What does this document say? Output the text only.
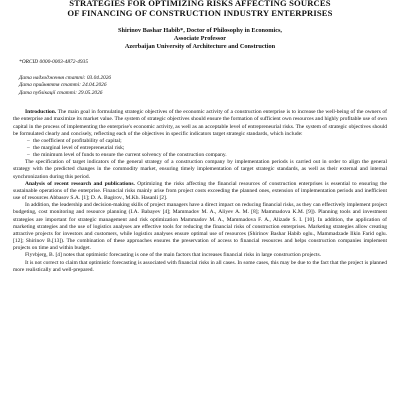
STRATEGIES FOR OPTIMIZING RISKS AFFECTING SOURCES
OF FINANCING OF CONSTRUCTION INDUSTRY ENTERPRISES
Shirinov Bashar Habib*, Doctor of Philosophy in Economics,
Associate Professor
Azerbaijan University of Architecture and Construction
*ORCID 0000-0003-4872-4935
Дата надходження статті: 03.04.2026
Дата прийняття статті: 24.04.2026
Дата публікації статті: 29.05.2026

Introduction. The main goal in formulating strategic objectives of the economic activity of a construction enterprise is to increase the well-being of the owners of the enterprise and maximize its market value. The system of strategic objectives should ensure the formation of sufficient own resources and highly profitable use of own capital in the process of implementing the enterprise's economic activity, as well as an acceptable level of entrepreneurial risks. The system of strategic objectives should be formulated clearly and concisely, reflecting each of the objectives in specific indicators target strategic standards, which include:

– the coefficient of profitability of capital;
– the marginal level of entrepreneurial risk;
– the minimum level of funds to ensure the current solvency of the construction company.

The specification of target indicators of the general strategy of a construction company by implementation periods is carried out in order to align the general strategy with the predicted changes in the commodity market, ensuring timely implementation of target strategic standards, as well as their external and internal synchronization during this period.

Analysis of recent research and publications. Optimizing the risks affecting the financial resources of construction enterprises is essential to ensuring the sustainable operations of the enterprise. Financial risks mainly arise from project costs exceeding the planned ones, extension of implementation periods and inefficient use of resources Abbasov S.A. [1]; D. A. Bagirov., M.Kh. Hasanli [2].

In addition, the leadership and decision-making skills of project managers have a direct impact on reducing financial risks, as they can effectively implement project budgeting, cost monitoring and resource planning (I.A. Babayev [4]; Mammadov M. A., Aliyev A. M. [8]; Mammadova K.M. [9]). Planning tools and investment strategies are important for strategic management and risk optimization Mammadov M. A., Mammadova F. A., Alizade S. I. [10]. In addition, the application of marketing strategies and the use of logistics analyses are effective tools for reducing the financial risks of construction enterprises. Marketing strategies allow creating attractive projects for investors and customers, while logistics analyses ensure optimal use of resources (Shirinov Bashar Habib oglu., Mammadzade Ilkin Farid oglu.[12]; Shirinov B.[13]). The combination of these approaches ensures the preservation of access to financial resources and helps construction companies implement projects on time and within budget.

Flyvbjerg, B. [4] notes that optimistic forecasting is one of the main factors that increases financial risks in large construction projects.

It is not correct to claim that optimistic forecasting is associated with financial risks in all cases. In some cases, this may be due to the fact that the project is planned more realistically and well-prepared.
